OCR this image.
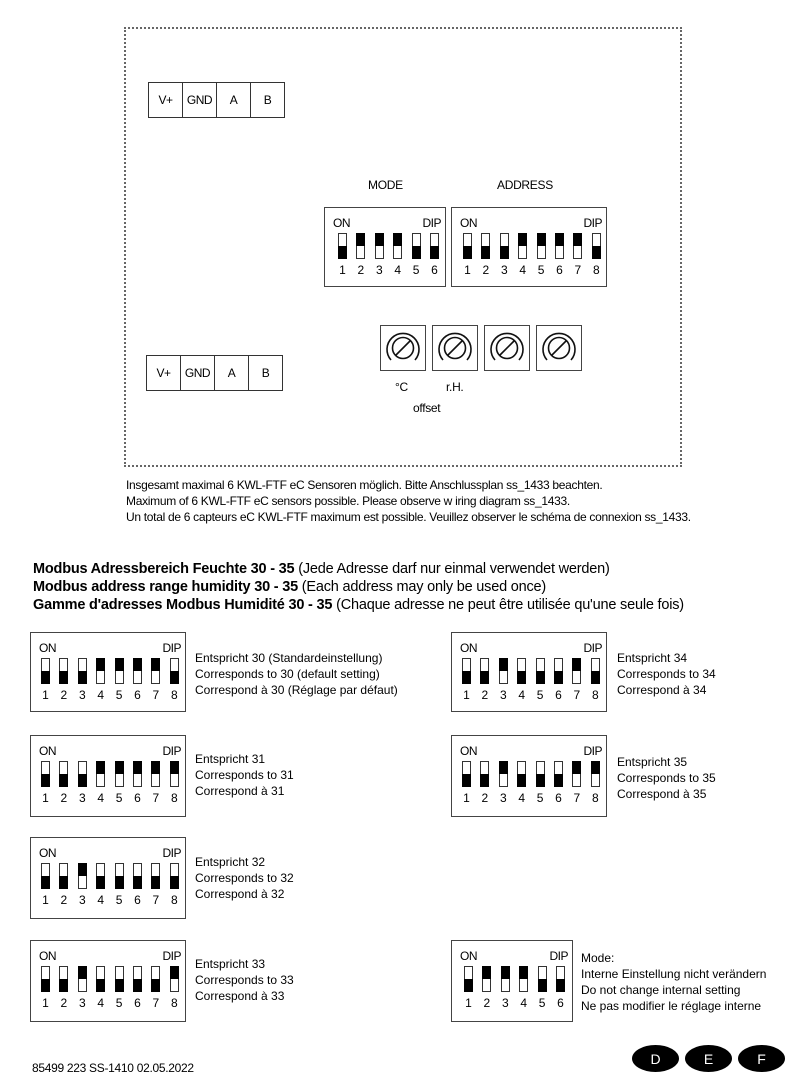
V+	GND	A	B
V+	GND	A	B
MODE	ADDRESS
ON	DIP
1 2 3 4 5 6
ON	DIP
1 2 3 4 5 6 7 8
°C	r.H.
offset
Insgesamt maximal 6 KWL-FTF eC Sensoren möglich. Bitte Anschlussplan ss_1433 beachten.
Maximum of 6 KWL-FTF eC sensors possible. Please observe w iring diagram ss_1433.
Un total de 6 capteurs eC KWL-FTF maximum est possible. Veuillez observer le schéma de connexion ss_1433.
Modbus Adressbereich Feuchte 30 - 35 (Jede Adresse darf nur einmal verwendet werden)
Modbus address range humidity 30 - 35 (Each address may only be used once)
Gamme d'adresses Modbus Humidité 30 - 35 (Chaque adresse ne peut être utilisée qu'une seule fois)
ON	DIP
1 2 3 4 5 6 7 8
Entspricht 30 (Standardeinstellung)
Corresponds to 30 (default setting)
Correspond à 30 (Réglage par défaut)
ON	DIP
1 2 3 4 5 6 7 8
Entspricht 31
Corresponds to 31
Correspond à 31
ON	DIP
1 2 3 4 5 6 7 8
Entspricht 32
Corresponds to 32
Correspond à 32
ON	DIP
1 2 3 4 5 6 7 8
Entspricht 33
Corresponds to 33
Correspond à 33
ON	DIP
1 2 3 4 5 6 7 8
Entspricht 34
Corresponds to 34
Correspond à 34
ON	DIP
1 2 3 4 5 6 7 8
Entspricht 35
Corresponds to 35
Correspond à 35
ON	DIP
1 2 3 4 5 6
Mode:
Interne Einstellung nicht verändern
Do not change internal setting
Ne pas modifier le réglage interne
85499 223 SS-1410 02.05.2022
D	E	F
